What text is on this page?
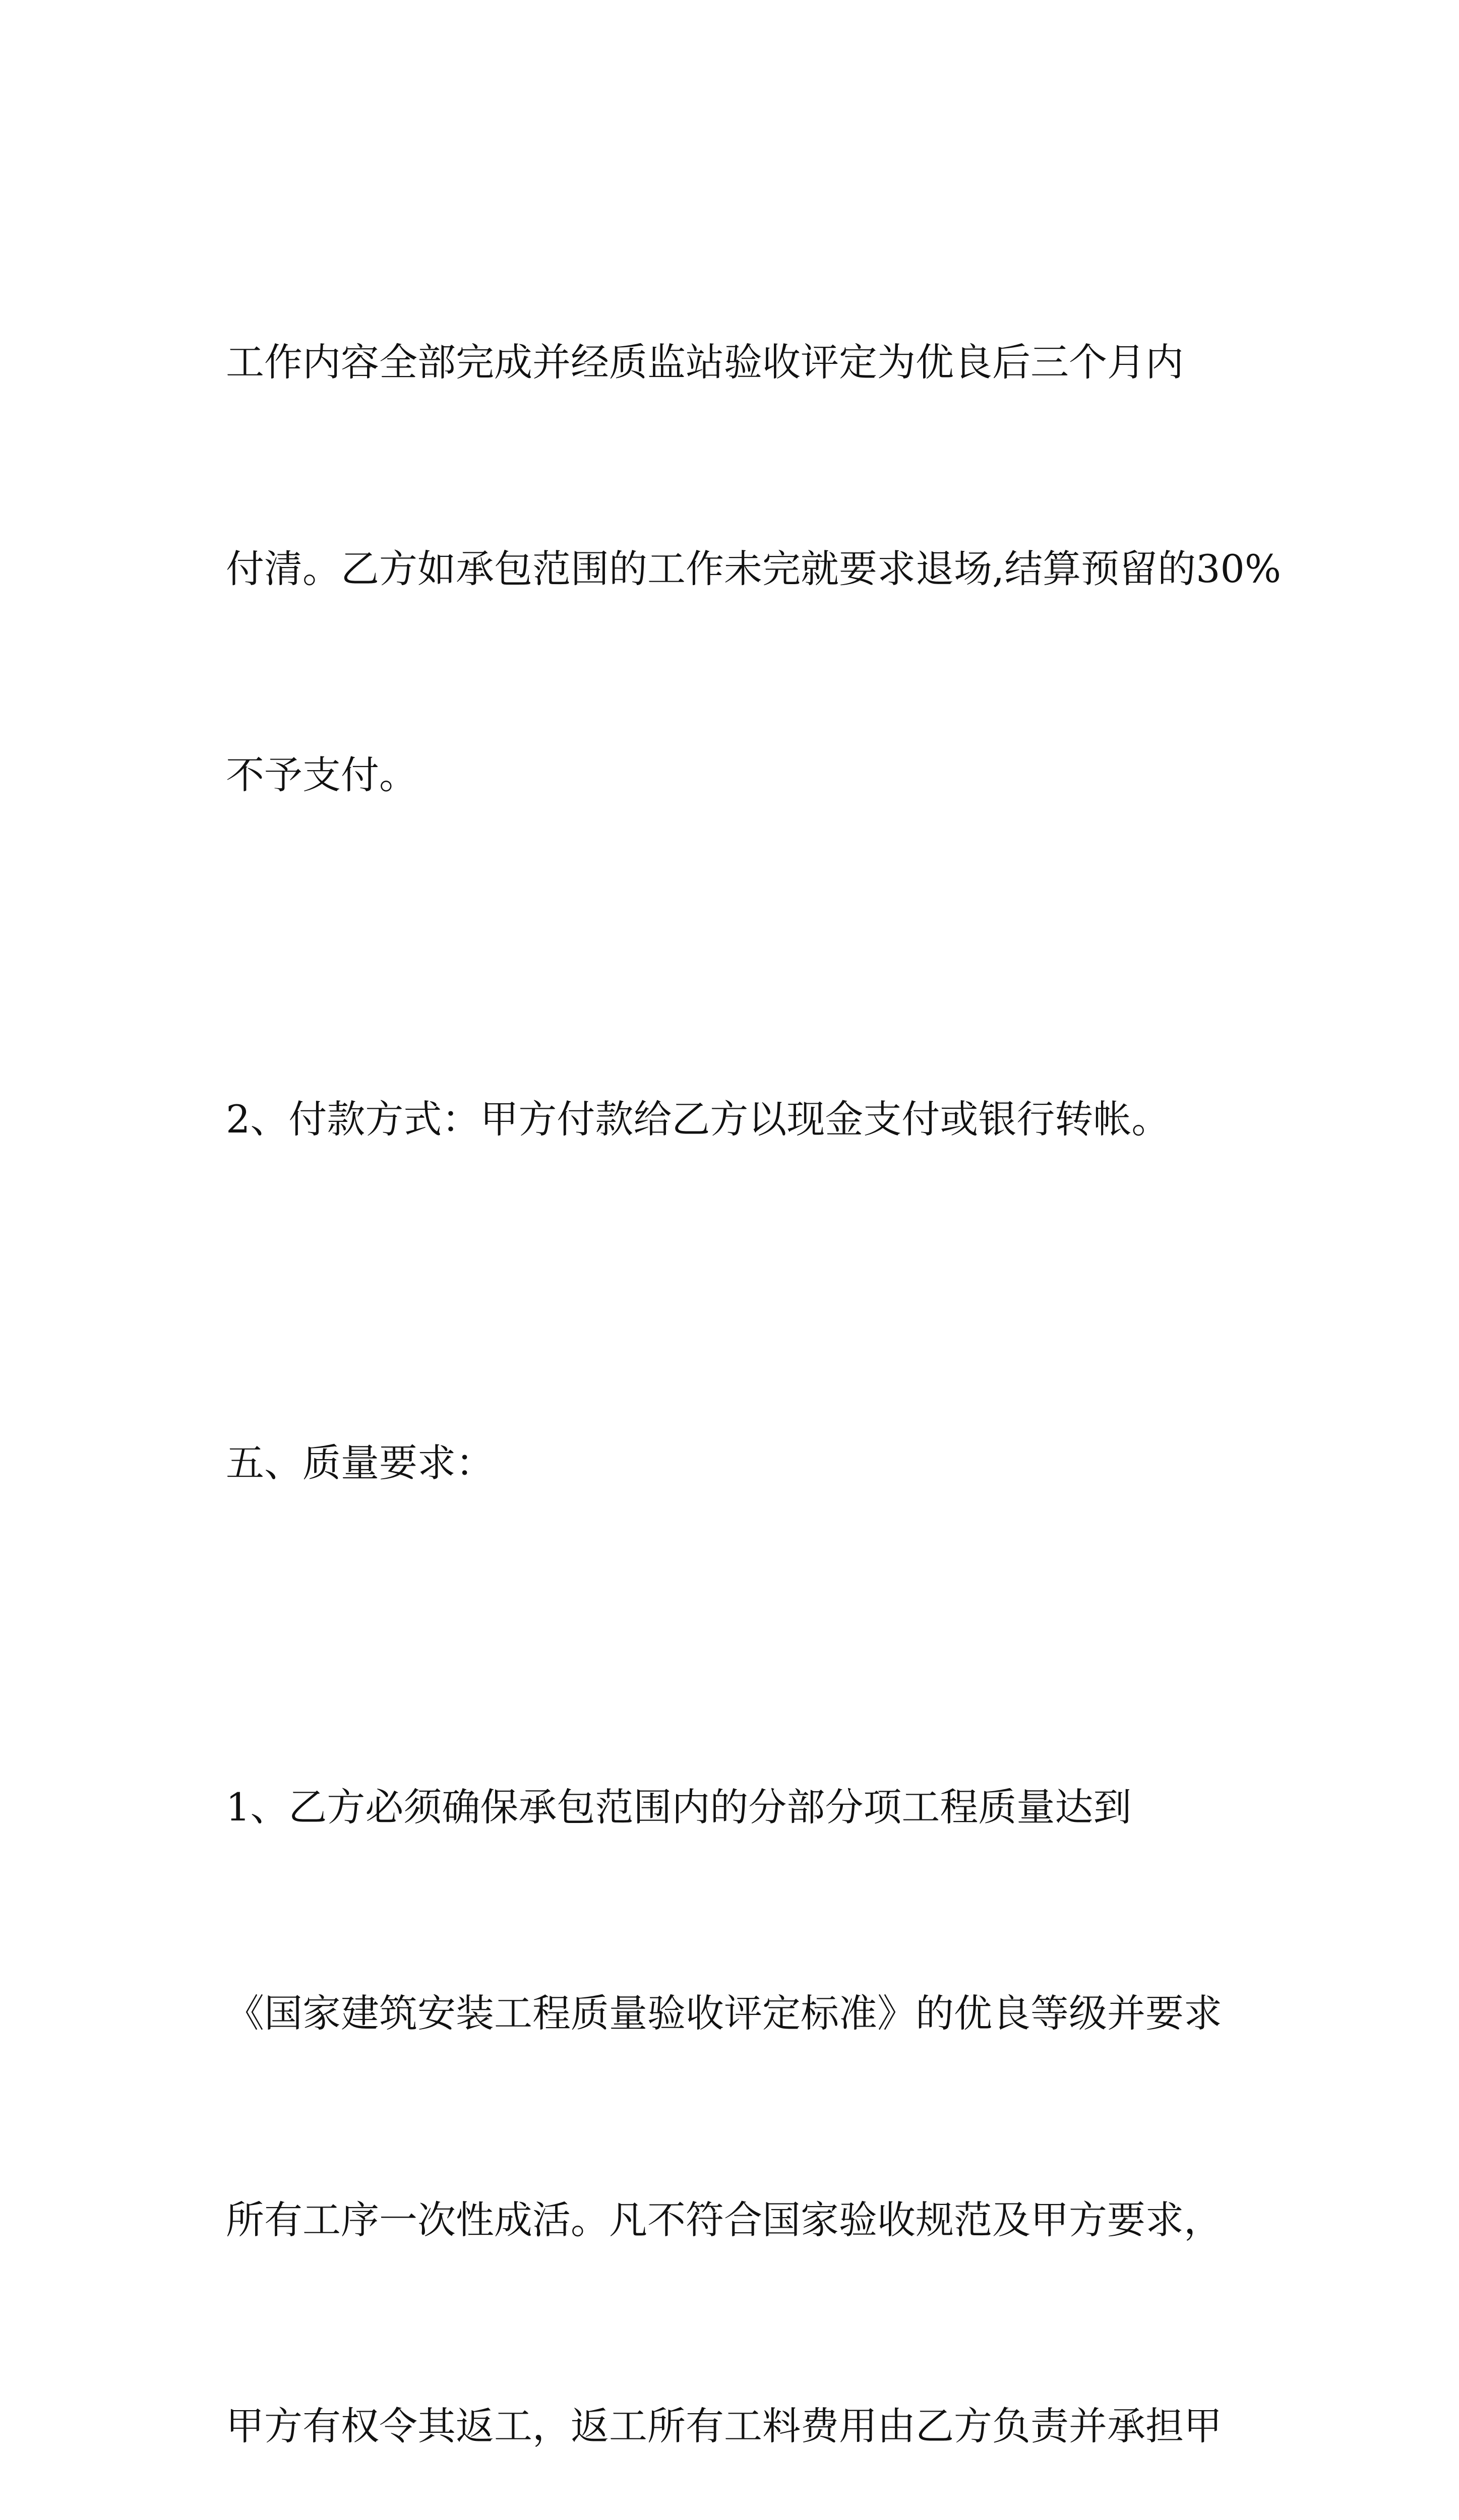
工作内容全部完成并经质监站验收评定为优良后三个月内

付清。乙方如承包范围的工作未完就要求退场,结算预留的30%

不予支付。

2、付款方式：甲方付款给乙方以现金支付或银行转帐。

五、质量要求：

1、乙方必须确保承包范围内的分部分项工程质量达到

《国家建筑安装工程质量验收评定标准》的优良等级并要求

所有工序一次性成活。凡不符合国家验收规范及甲方要求，

甲方有权令其返工，返工所有工料费用由乙方负责并承担甲
